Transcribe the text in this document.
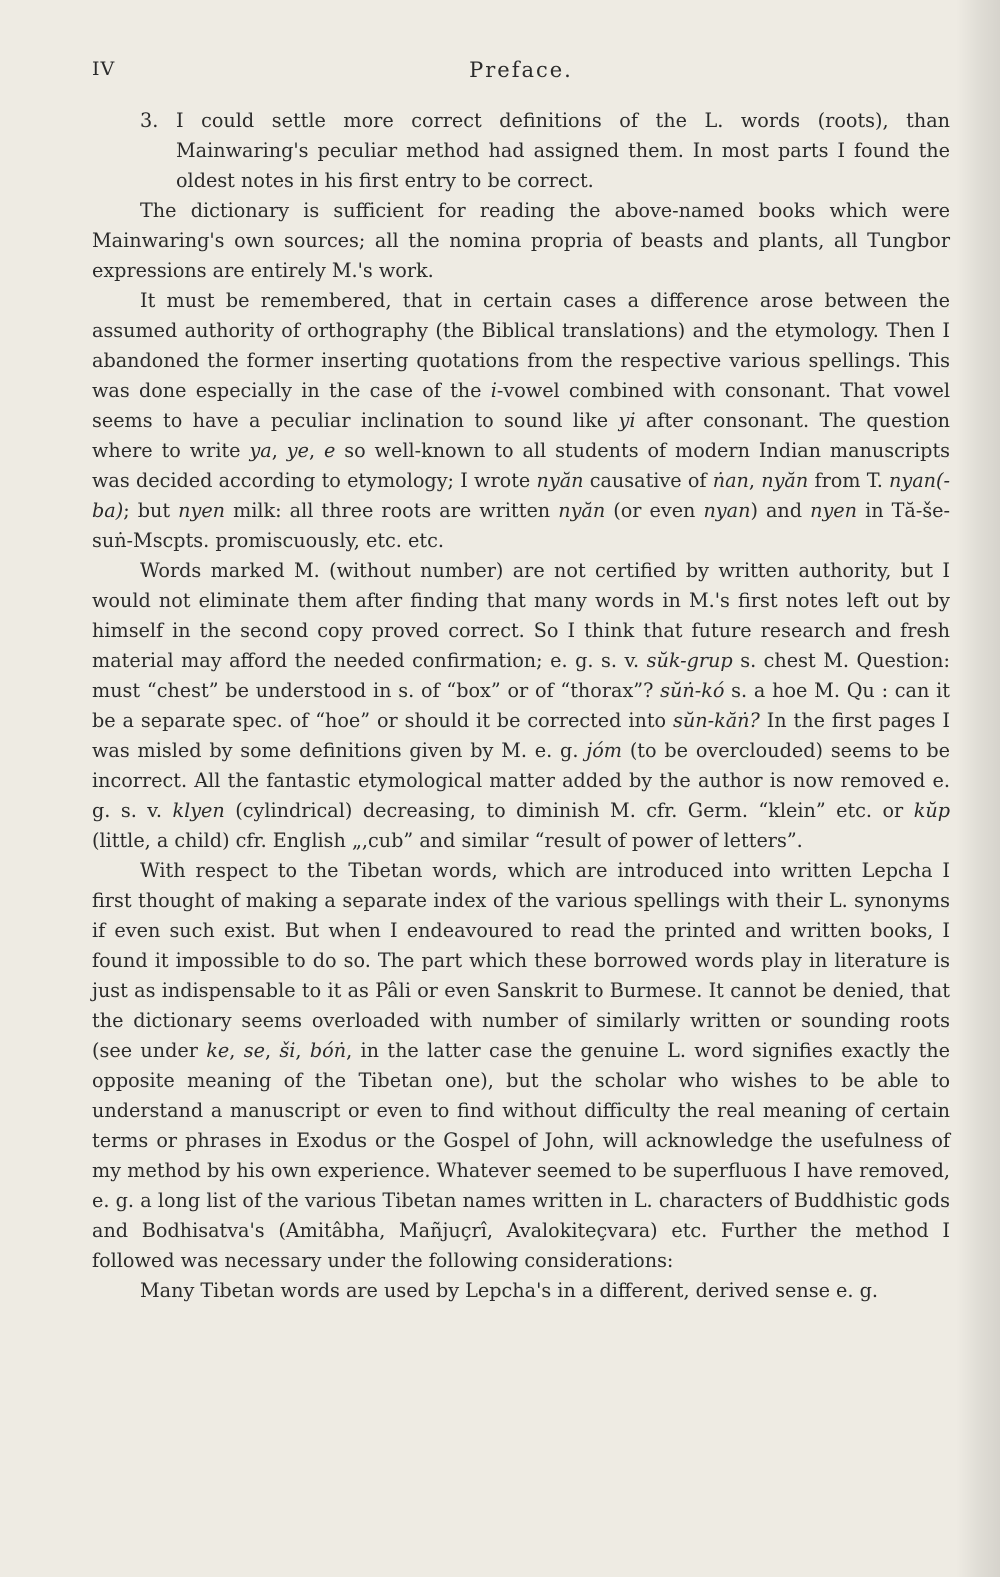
IV	Preface.

3. I could settle more correct definitions of the L. words (roots), than Mainwaring's peculiar method had assigned them. In most parts I found the oldest notes in his first entry to be correct.

The dictionary is sufficient for reading the above-named books which were Mainwaring's own sources; all the nomina propria of beasts and plants, all Tungbor expressions are entirely M.'s work.

It must be remembered, that in certain cases a difference arose between the assumed authority of orthography (the Biblical translations) and the etymology. Then I abandoned the former inserting quotations from the respective various spellings. This was done especially in the case of the i-vowel combined with consonant. That vowel seems to have a peculiar inclination to sound like yi after consonant. The question where to write ya, ye, e so well-known to all students of modern Indian manuscripts was decided according to etymology; I wrote nyăn causative of ṅan, nyăn from T. nyan(-ba); but nyen milk: all three roots are written nyăn (or even nyan) and nyen in Tă-še-suṅ-Mscpts. promiscuously, etc. etc.

Words marked M. (without number) are not certified by written authority, but I would not eliminate them after finding that many words in M.'s first notes left out by himself in the second copy proved correct. So I think that future research and fresh material may afford the needed confirmation; e. g. s. v. sŭk-grup s. chest M. Question: must “chest” be understood in s. of “box” or of “thorax”? sŭṅ-kó s. a hoe M. Qu : can it be a separate spec. of “hoe” or should it be corrected into sŭn-kăṅ? In the first pages I was misled by some definitions given by M. e. g. jóm (to be overclouded) seems to be incorrect. All the fantastic etymological matter added by the author is now removed e. g. s. v. klyen (cylindrical) decreasing, to diminish M. cfr. Germ. “klein” etc. or kŭp (little, a child) cfr. English „,cub” and similar “result of power of letters”.

With respect to the Tibetan words, which are introduced into written Lepcha I first thought of making a separate index of the various spellings with their L. synonyms if even such exist. But when I endeavoured to read the printed and written books, I found it impossible to do so. The part which these borrowed words play in literature is just as indispensable to it as Pâli or even Sanskrit to Burmese. It cannot be denied, that the dictionary seems overloaded with number of similarly written or sounding roots (see under ke, se, ši, bóṅ, in the latter case the genuine L. word signifies exactly the opposite meaning of the Tibetan one), but the scholar who wishes to be able to understand a manuscript or even to find without difficulty the real meaning of certain terms or phrases in Exodus or the Gospel of John, will acknowledge the usefulness of my method by his own experience. Whatever seemed to be superfluous I have removed, e. g. a long list of the various Tibetan names written in L. characters of Buddhistic gods and Bodhisatva's (Amitâbha, Mañjuçrî, Avalokiteçvara) etc. Further the method I followed was necessary under the following considerations:

Many Tibetan words are used by Lepcha's in a different, derived sense e. g.
